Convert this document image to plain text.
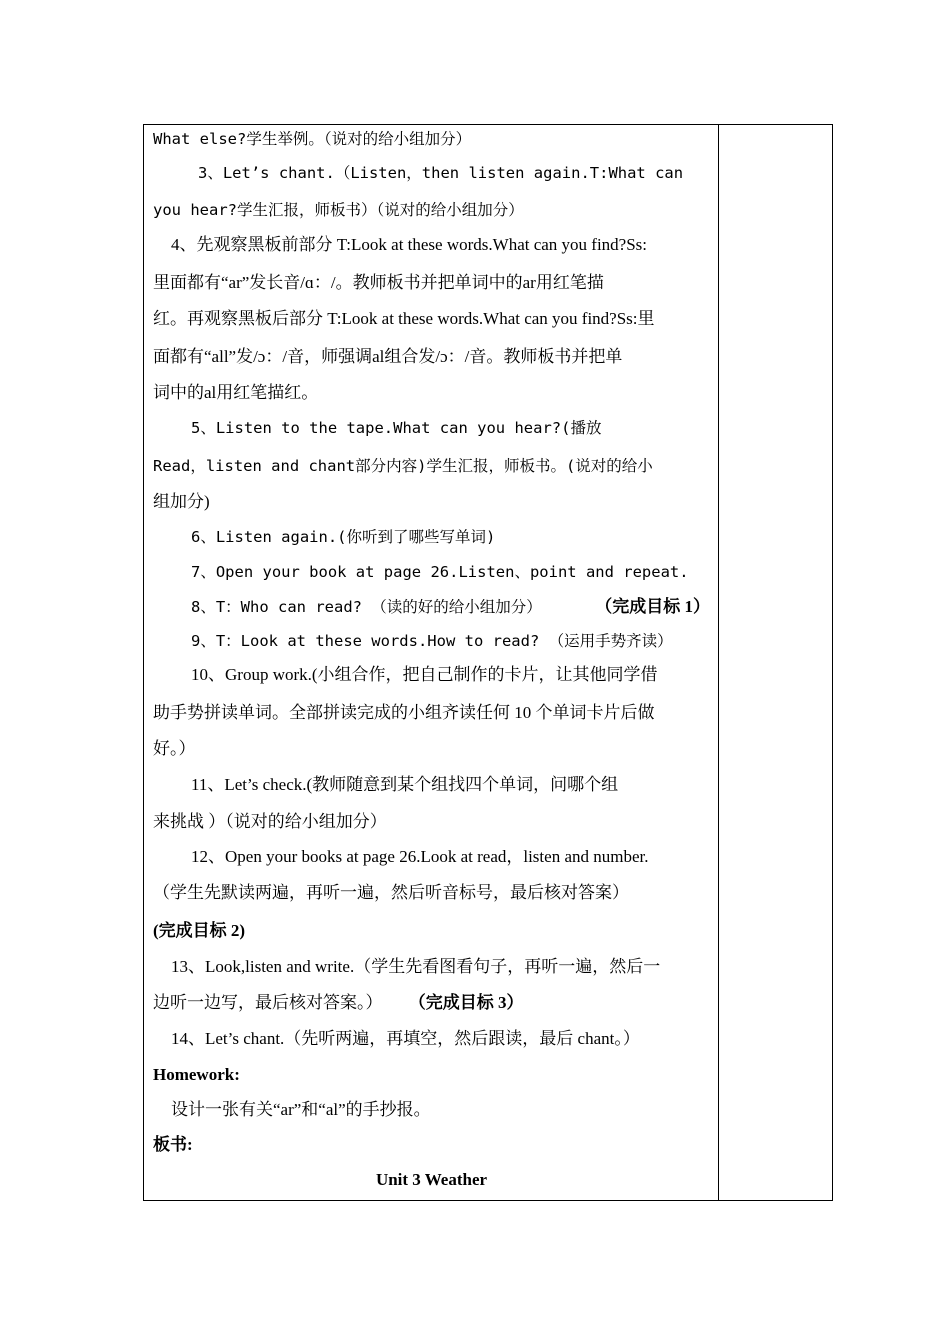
What else?学生举例。（说对的给小组加分）
3、Let’s chant.（Listen，then listen again.T:What can
you hear?学生汇报，师板书）（说对的给小组加分）
4、先观察黑板前部分 T:Look at these words.What can you find?Ss:
里面都有“ar”发长音/ɑ：/。教师板书并把单词中的ar用红笔描
红。再观察黑板后部分 T:Look at these words.What can you find?Ss:里
面都有“all”发/ɔ：/音，师强调al组合发/ɔ：/音。教师板书并把单
词中的al用红笔描红。
5、Listen to the tape.What can you hear?(播放
Read，listen and chant部分内容)学生汇报，师板书。(说对的给小
组加分)
6、Listen again.(你听到了哪些写单词)
7、Open your book at page 26.Listen、point and repeat.
8、T：Who can read? （读的好的给小组加分）	（完成目标 1）
9、T：Look at these words.How to read? （运用手势齐读）
10、Group work.(小组合作，把自己制作的卡片，让其他同学借
助手势拼读单词。全部拼读完成的小组齐读任何 10 个单词卡片后做
好。）
11、Let’s check.(教师随意到某个组找四个单词，问哪个组
来挑战 ）（说对的给小组加分）
12、Open your books at page 26.Look at read，listen and number.
（学生先默读两遍，再听一遍，然后听音标号，最后核对答案）
(完成目标 2)
13、Look,listen and write.（学生先看图看句子，再听一遍，然后一
边听一边写，最后核对答案。） （完成目标 3）
14、Let’s chant.（先听两遍，再填空，然后跟读，最后 chant。）
Homework:
设计一张有关“ar”和“al”的手抄报。
板书:
Unit 3 Weather
